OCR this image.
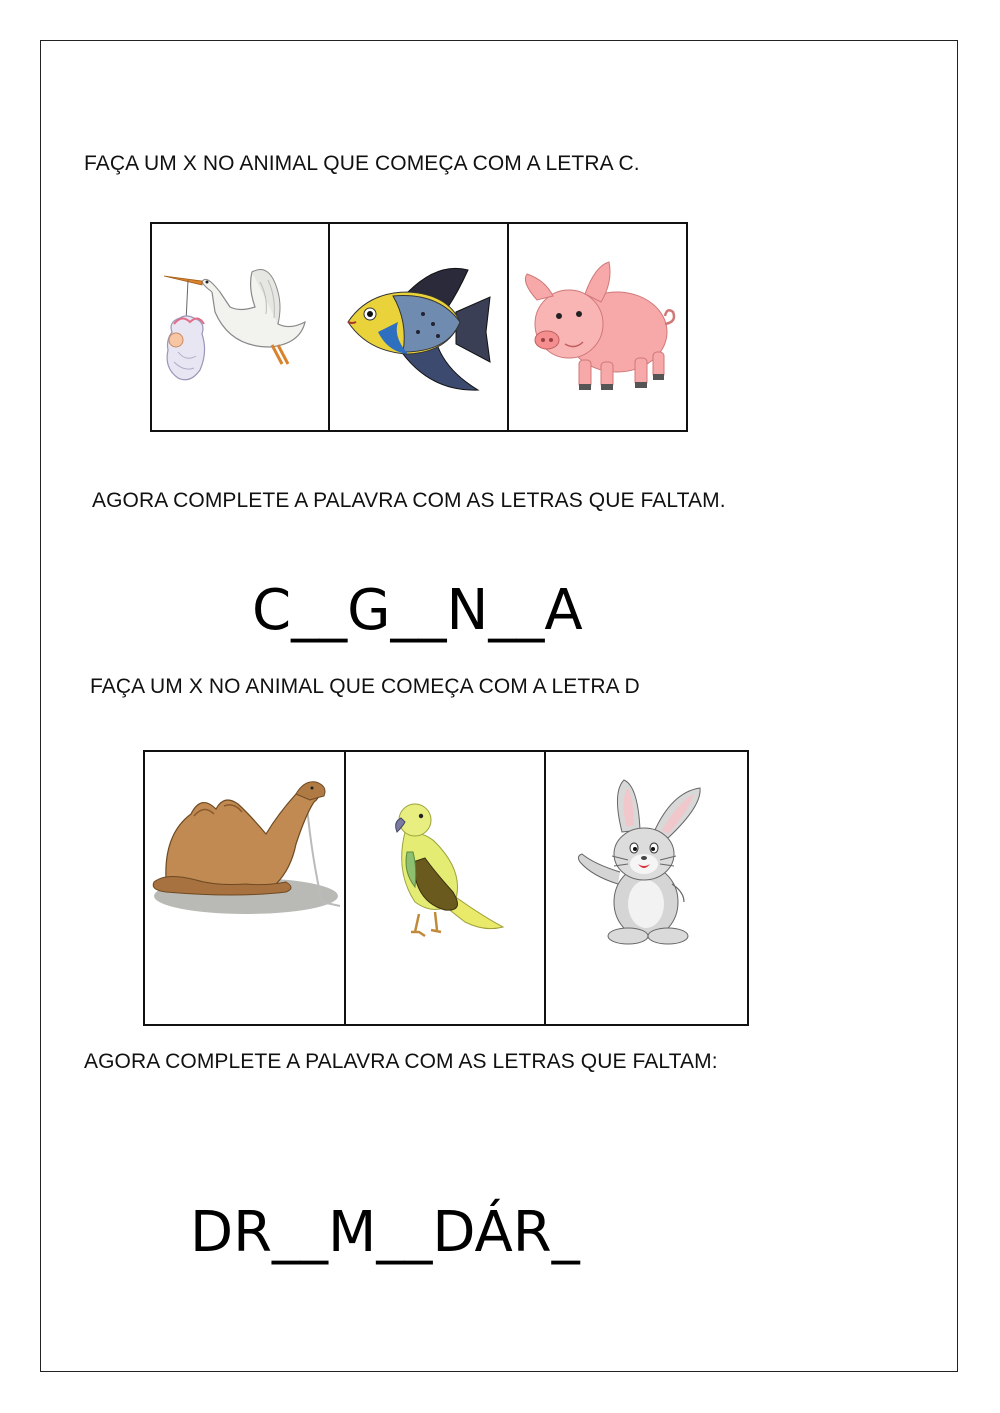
FAÇA UM X NO ANIMAL QUE COMEÇA COM A LETRA C.
AGORA COMPLETE A PALAVRA COM AS LETRAS QUE FALTAM.
C__G__N__A
FAÇA UM X NO ANIMAL QUE COMEÇA COM A LETRA D
AGORA COMPLETE A PALAVRA COM AS LETRAS QUE FALTAM:
DR__M__DÁR_
